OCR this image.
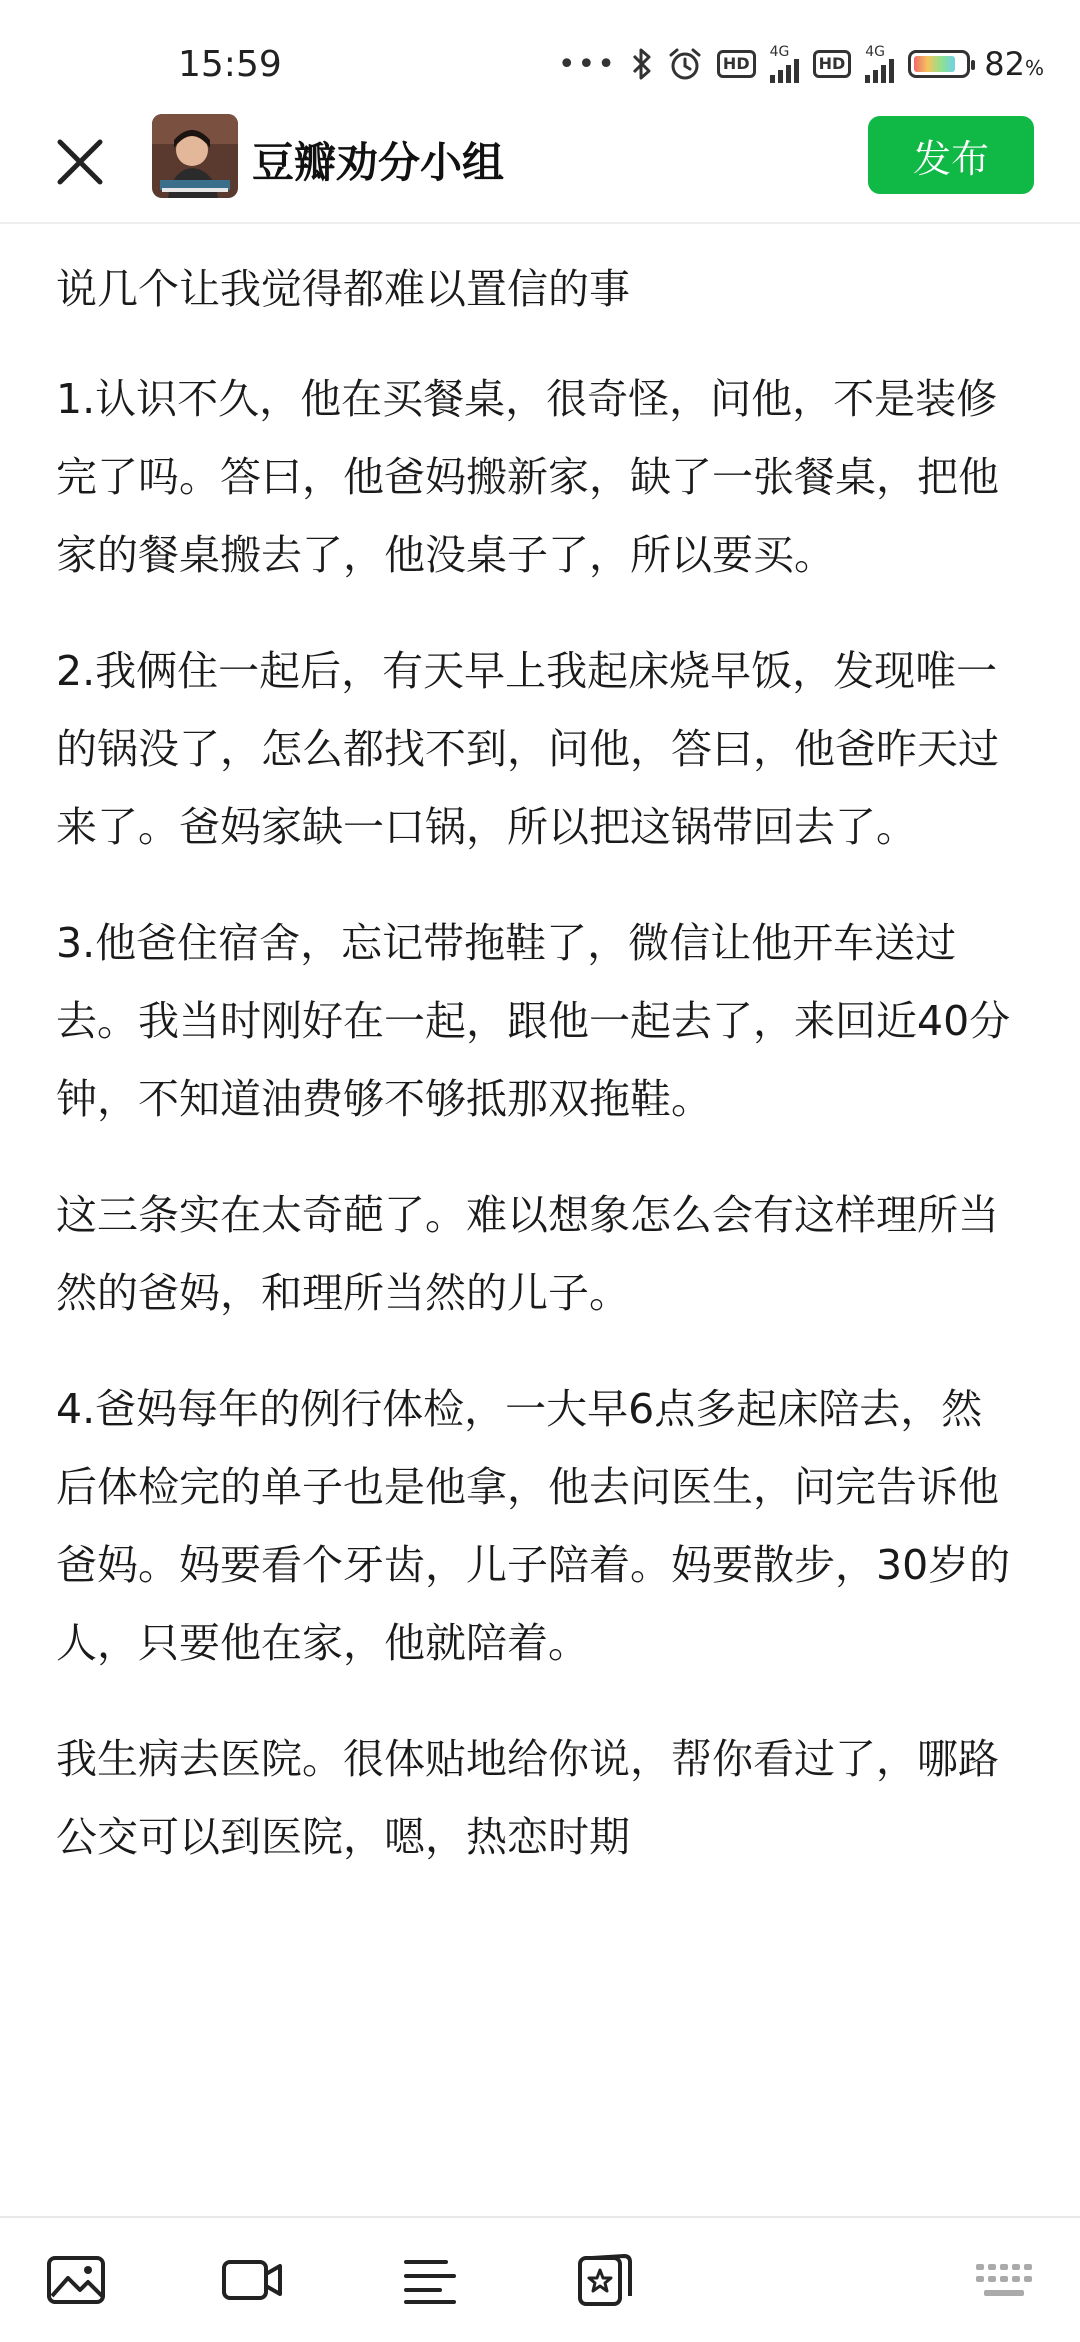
15:59	•••	HD
4G
HD
4G	82%
豆瓣劝分小组	发布

说几个让我觉得都难以置信的事

1.认识不久，他在买餐桌，很奇怪，问他，不是装修完了吗。答曰，他爸妈搬新家，缺了一张餐桌，把他家的餐桌搬去了，他没桌子了，所以要买。

2.我俩住一起后，有天早上我起床烧早饭，发现唯一的锅没了，怎么都找不到，问他，答曰，他爸昨天过来了。爸妈家缺一口锅，所以把这锅带回去了。

3.他爸住宿舍，忘记带拖鞋了，微信让他开车送过去。我当时刚好在一起，跟他一起去了，来回近40分钟，不知道油费够不够抵那双拖鞋。

这三条实在太奇葩了。难以想象怎么会有这样理所当然的爸妈，和理所当然的儿子。

4.爸妈每年的例行体检，一大早6点多起床陪去，然后体检完的单子也是他拿，他去问医生，问完告诉他爸妈。妈要看个牙齿，儿子陪着。妈要散步，30岁的人，只要他在家，他就陪着。

我生病去医院。很体贴地给你说，帮你看过了，哪路公交可以到医院，嗯，热恋时期
